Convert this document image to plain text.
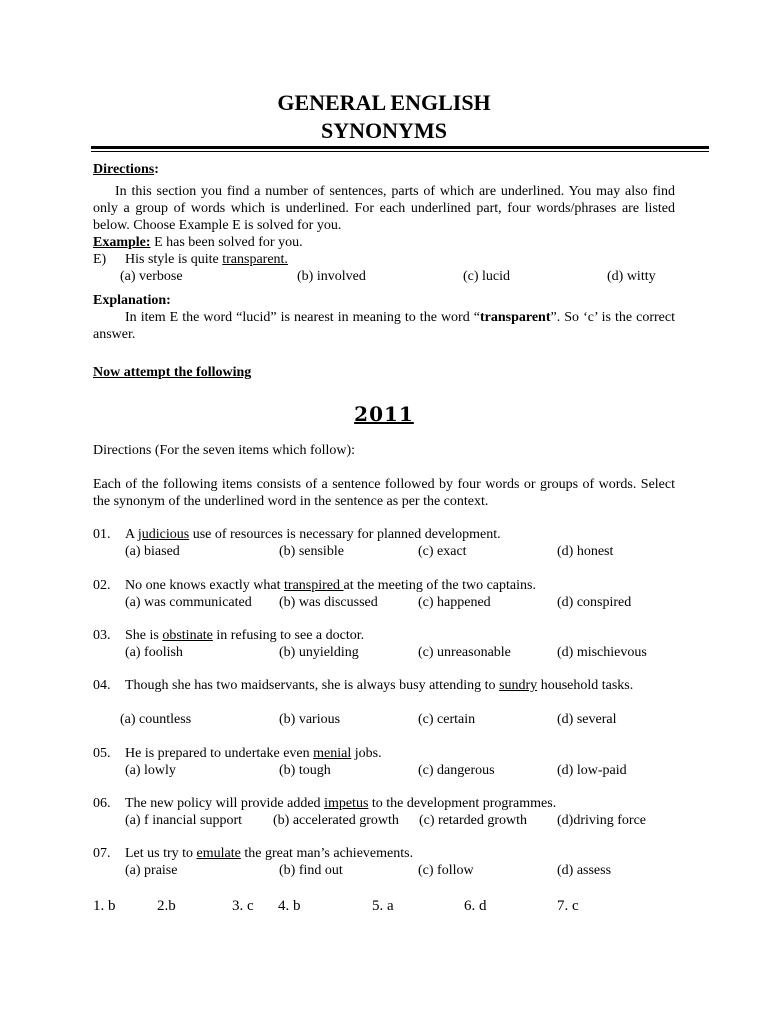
GENERAL ENGLISH
SYNONYMS
Directions:
In this section you find a number of sentences, parts of which are underlined. You may also find only a group of words which is underlined. For each underlined part, four words/phrases are listed below. Choose Example E is solved for you.
Example: E has been solved for you.
E) His style is quite transparent.
(a) verbose	(b) involved	(c) lucid	(d) witty
Explanation:
In item E the word “lucid” is nearest in meaning to the word “transparent”. So ‘c’ is the correct answer.
Now attempt the following
2011
Directions (For the seven items which follow):
Each of the following items consists of a sentence followed by four words or groups of words. Select the synonym of the underlined word in the sentence as per the context.
01. A judicious use of resources is necessary for planned development.
(a) biased	(b) sensible	(c) exact	(d) honest
02. No one knows exactly what transpired at the meeting of the two captains.
(a) was communicated (b) was discussed	(c) happened	(d) conspired
03. She is obstinate in refusing to see a doctor.
(a) foolish	(b) unyielding	(c) unreasonable	(d) mischievous
04. Though she has two maidservants, she is always busy attending to sundry household tasks.
(a) countless	(b) various	(c) certain	(d) several
05. He is prepared to undertake even menial jobs.
(a) lowly	(b) tough	(c) dangerous	(d) low-paid
06. The new policy will provide added impetus to the development programmes.
(a) f inancial support (b) accelerated growth (c) retarded growth (d)driving force
07. Let us try to emulate the great man’s achievements.
(a) praise	(b) find out	(c) follow	(d) assess
1. b	2.b	3. c 4. b	5. a	6. d	7. c
